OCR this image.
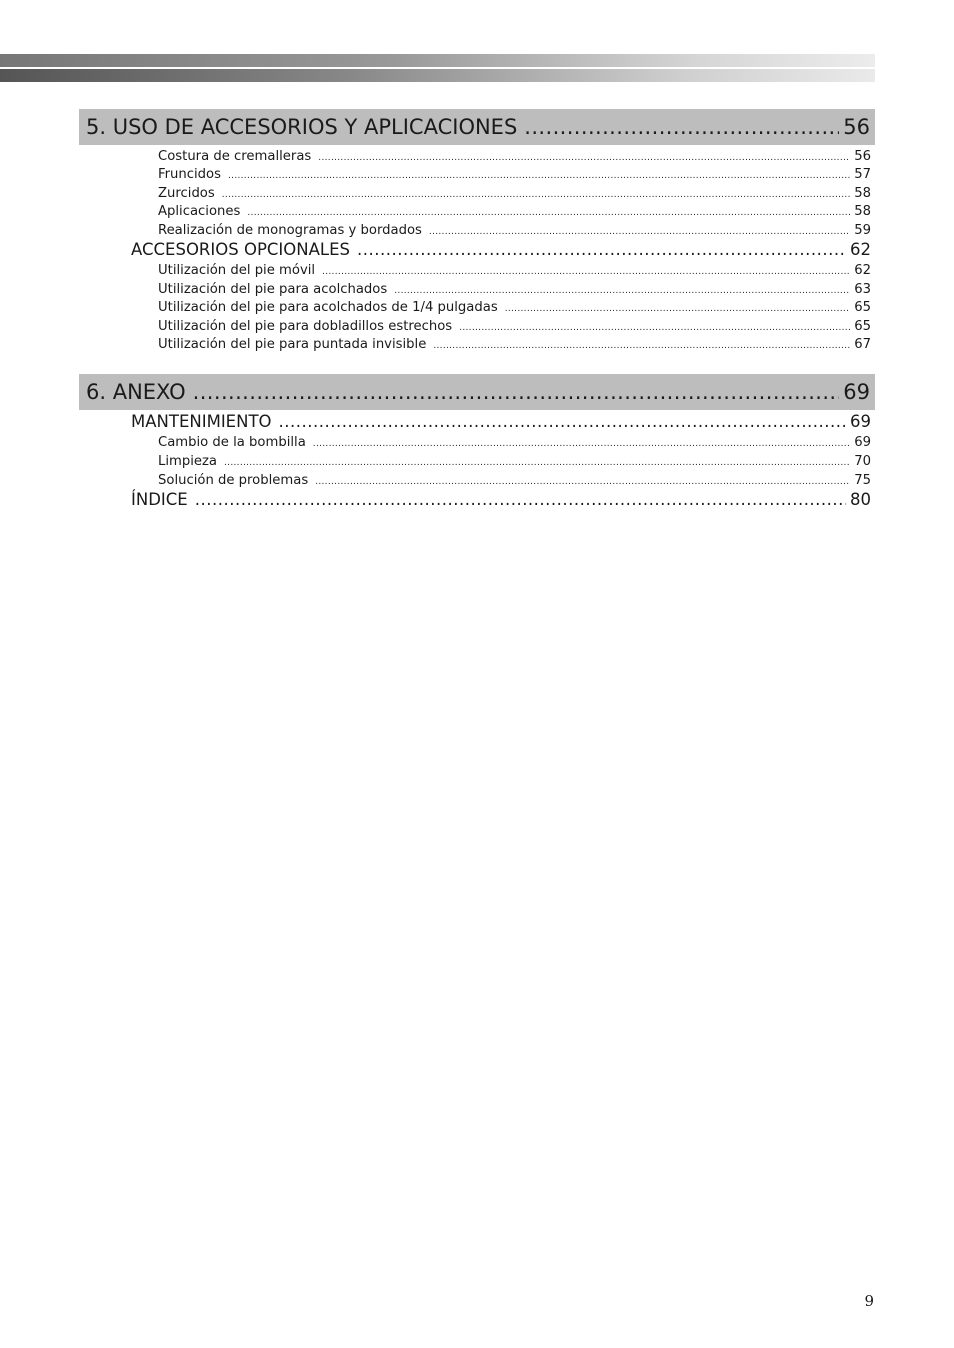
5. USO DE ACCESORIOS Y APLICACIONES .....	56
Costura de cremalleras .....	56
Fruncidos .....	57
Zurcidos .....	58
Aplicaciones .....	58
Realización de monogramas y bordados .....	59
ACCESORIOS OPCIONALES .....	62
Utilización del pie móvil .....	62
Utilización del pie para acolchados .....	63
Utilización del pie para acolchados de 1/4 pulgadas .....	65
Utilización del pie para dobladillos estrechos .....	65
Utilización del pie para puntada invisible .....	67
6. ANEXO .....	69
MANTENIMIENTO .....	69
Cambio de la bombilla .....	69
Limpieza .....	70
Solución de problemas .....	75
ÍNDICE .....	80
9
